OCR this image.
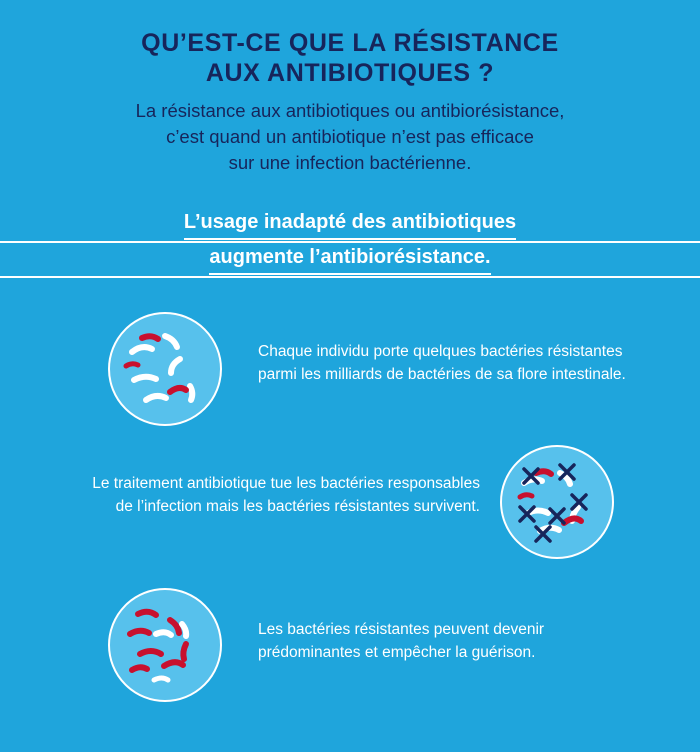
QU’EST-CE QUE LA RÉSISTANCE
AUX ANTIBIOTIQUES ?
La résistance aux antibiotiques ou antibiorésistance,
c’est quand un antibiotique n’est pas efficace
sur une infection bactérienne.
L’usage inadapté des antibiotiques
augmente l’antibiorésistance.
Chaque individu porte quelques bactéries résistantes
parmi les milliards de bactéries de sa flore intestinale.
Le traitement antibiotique tue les bactéries responsables
de l’infection mais les bactéries résistantes survivent.
Les bactéries résistantes peuvent devenir
prédominantes et empêcher la guérison.
